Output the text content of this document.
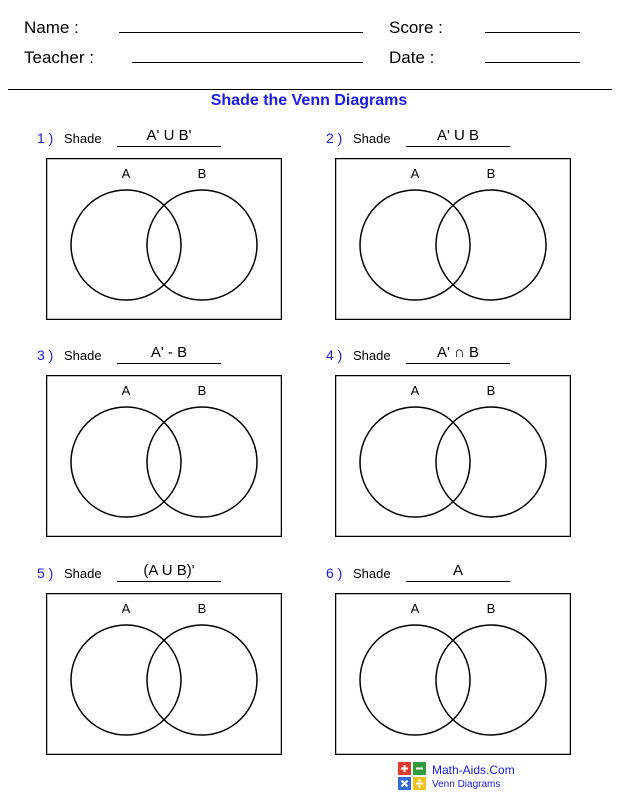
Name :
Teacher :
Score :
Date :
Shade the Venn Diagrams
1 ) Shade	A' U B'
A	B
2 ) Shade	A' U B
A	B
3 ) Shade	A' - B
A	B
4 ) Shade	A' ∩ B
A	B
5 ) Shade	(A U B)'
A	B
6 ) Shade	A
A	B
Math-Aids.Com
Venn Diagrams
